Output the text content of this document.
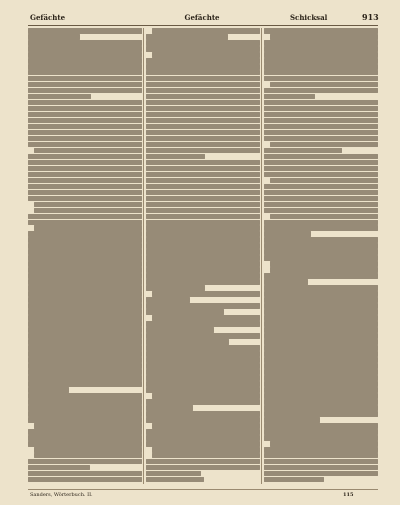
Gefächte	Gefächte	Schicksal	913
Sanders, Wörterbuch. II.	115
